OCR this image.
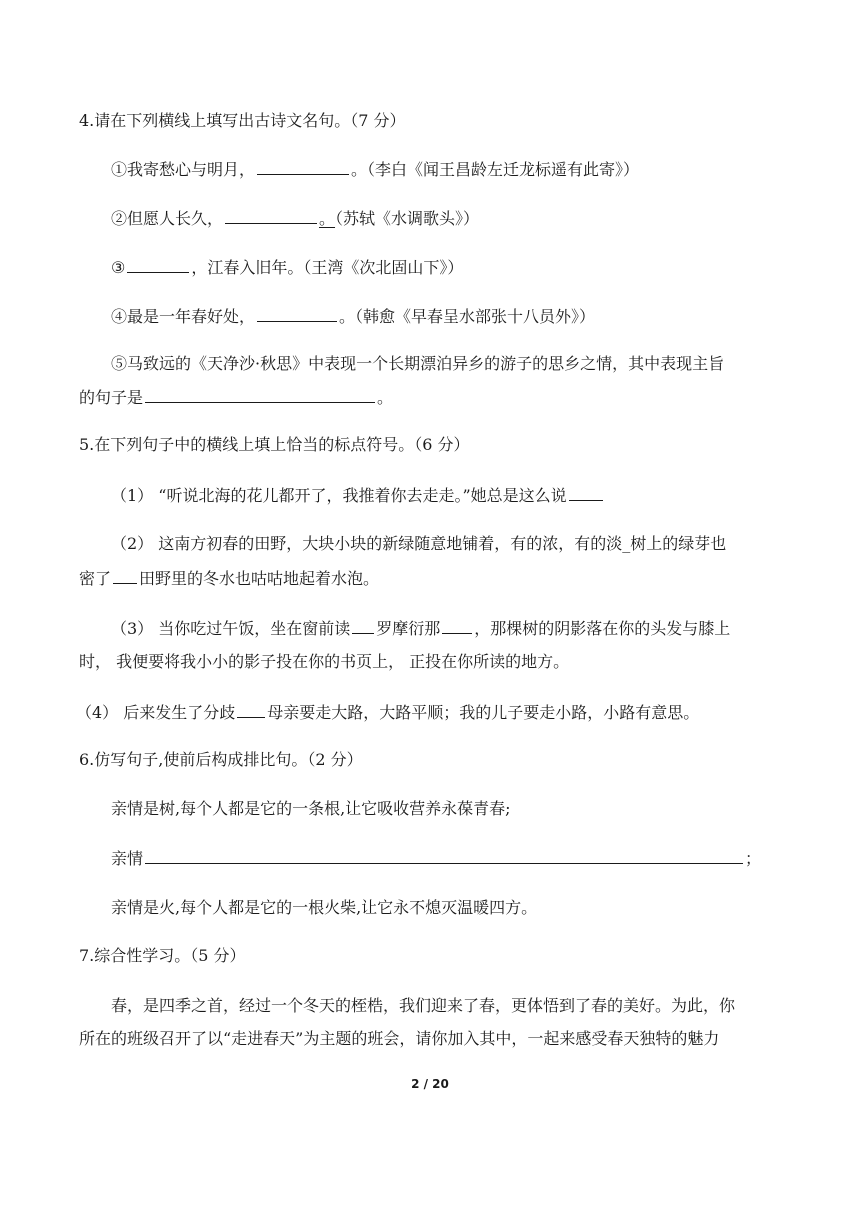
4.请在下列横线上填写出古诗文名句。（7 分）
①我寄愁心与明月，	。（李白《闻王昌龄左迁龙标遥有此寄》）
②但愿人长久，	。（苏轼《水调歌头》）
③	，江春入旧年。（王湾《次北固山下》）
④最是一年春好处，	。（韩愈《早春呈水部张十八员外》）
⑤马致远的《天净沙·秋思》中表现一个长期漂泊异乡的游子的思乡之情，其中表现主旨
的句子是	。
5.在下列句子中的横线上填上恰当的标点符号。（6 分）
（1） “听说北海的花儿都开了，我推着你去走走。”她总是这么说
（2） 这南方初春的田野，大块小块的新绿随意地铺着，有的浓，有的淡_树上的绿芽也
密了 田野里的冬水也咕咕地起着水泡。
（3） 当你吃过午饭，坐在窗前读 罗摩衍那 ，那棵树的阴影落在你的头发与膝上
时， 我便要将我小小的影子投在你的书页上， 正投在你所读的地方。
（4） 后来发生了分歧 母亲要走大路，大路平顺；我的儿子要走小路，小路有意思。
6.仿写句子,使前后构成排比句。（2 分）
亲情是树,每个人都是它的一条根,让它吸收营养永葆青春;
亲情	；
亲情是火,每个人都是它的一根火柴,让它永不熄灭温暖四方。
7.综合性学习。（5 分）
春，是四季之首，经过一个冬天的桎梏，我们迎来了春，更体悟到了春的美好。为此，你
所在的班级召开了以“走进春天”为主题的班会，请你加入其中，一起来感受春天独特的魅力
2 / 20
